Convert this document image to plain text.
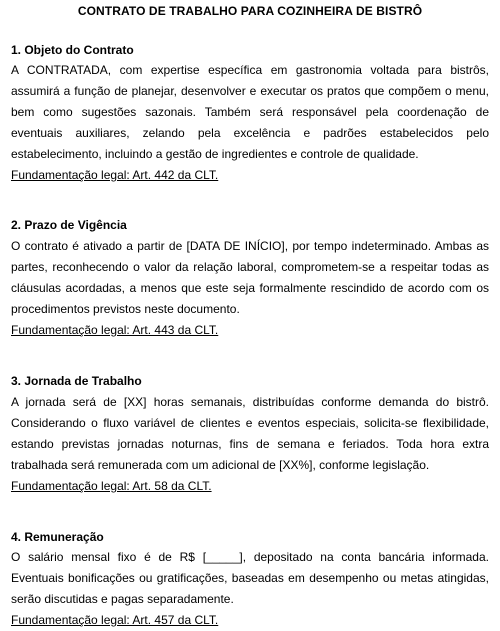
CONTRATO DE TRABALHO PARA COZINHEIRA DE BISTRÔ

1. Objeto do Contrato

A CONTRATADA, com expertise específica em gastronomia voltada para bistrôs, assumirá a função de planejar, desenvolver e executar os pratos que compõem o menu, bem como sugestões sazonais. Também será responsável pela coordenação de eventuais auxiliares, zelando pela excelência e padrões estabelecidos pelo estabelecimento, incluindo a gestão de ingredientes e controle de qualidade.

Fundamentação legal: Art. 442 da CLT.

2. Prazo de Vigência

O contrato é ativado a partir de [DATA DE INÍCIO], por tempo indeterminado. Ambas as partes, reconhecendo o valor da relação laboral, comprometem-se a respeitar todas as cláusulas acordadas, a menos que este seja formalmente rescindido de acordo com os procedimentos previstos neste documento.

Fundamentação legal: Art. 443 da CLT.

3. Jornada de Trabalho

A jornada será de [XX] horas semanais, distribuídas conforme demanda do bistrô. Considerando o fluxo variável de clientes e eventos especiais, solicita-se flexibilidade, estando previstas jornadas noturnas, fins de semana e feriados. Toda hora extra trabalhada será remunerada com um adicional de [XX%], conforme legislação.

Fundamentação legal: Art. 58 da CLT.

4. Remuneração

O salário mensal fixo é de R$ [_____], depositado na conta bancária informada. Eventuais bonificações ou gratificações, baseadas em desempenho ou metas atingidas, serão discutidas e pagas separadamente.

Fundamentação legal: Art. 457 da CLT.
